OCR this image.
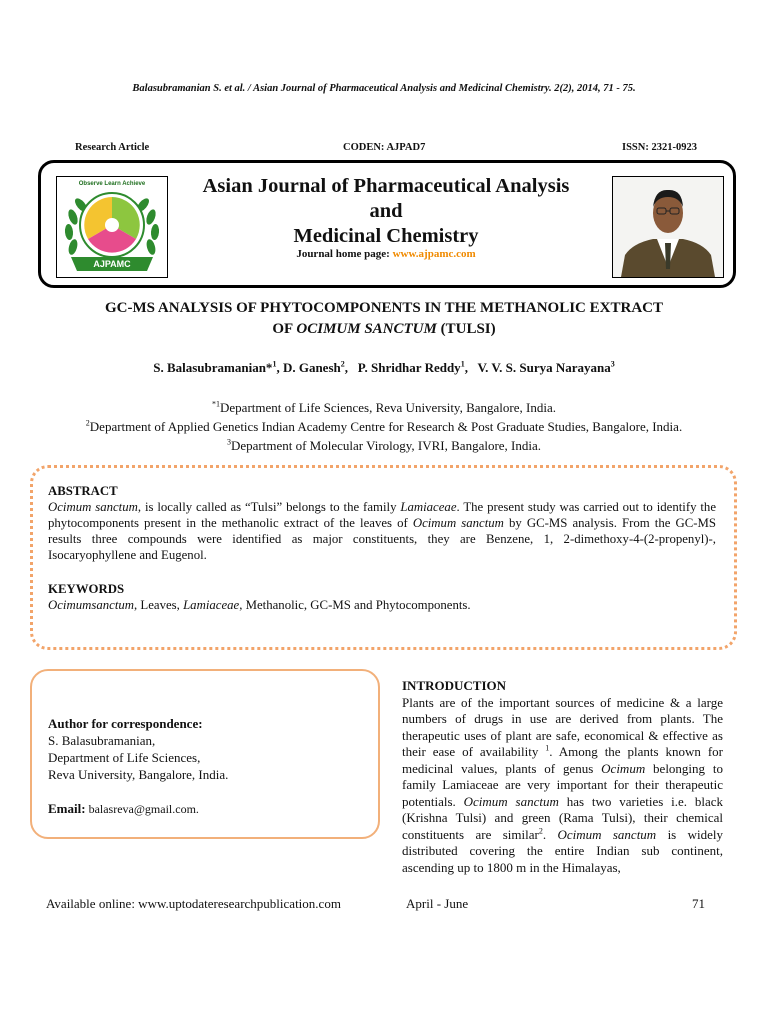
Balasubramanian S. et al. / Asian Journal of Pharmaceutical Analysis and Medicinal Chemistry. 2(2), 2014, 71 - 75.
Research Article	CODEN: AJPAD7	ISSN: 2321-0923
AJPAMC
Observe Learn Achieve	Asian Journal of Pharmaceutical Analysis
and
Medicinal Chemistry
Journal home page: www.ajpamc.com
GC-MS ANALYSIS OF PHYTOCOMPONENTS IN THE METHANOLIC EXTRACT
OF OCIMUM SANCTUM (TULSI)
S. Balasubramanian*$^1$, D. Ganesh$^2$,   P. Shridhar Reddy$^1$,   V. V. S. Surya Narayana$^3$
$^{*1}$Department of Life Sciences, Reva University, Bangalore, India.
$^2$Department of Applied Genetics Indian Academy Centre for Research & Post Graduate Studies, Bangalore, India.
$^3$Department of Molecular Virology, IVRI, Bangalore, India.
ABSTRACT
Ocimum sanctum, is locally called as “Tulsi” belongs to the family Lamiaceae. The present study was carried out to identify the phytocomponents present in the methanolic extract of the leaves of Ocimum sanctum by GC-MS analysis. From the GC-MS results three compounds were identified as major constituents, they are Benzene, 1, 2-dimethoxy-4-(2-propenyl)-, Isocaryophyllene and Eugenol.
KEYWORDS
Ocimumsanctum, Leaves, Lamiaceae, Methanolic, GC-MS and Phytocomponents.
Author for correspondence:
S. Balasubramanian,
Department of Life Sciences,
Reva University, Bangalore, India.
Email: balasreva@gmail.com.
INTRODUCTION

Plants are of the important sources of medicine & a large numbers of drugs in use are derived from plants. The therapeutic uses of plant are safe, economical & effective as their ease of availability $^1$. Among the plants known for medicinal values, plants of genus Ocimum belonging to family Lamiaceae are very important for their therapeutic potentials. Ocimum sanctum has two varieties i.e. black (Krishna Tulsi) and green (Rama Tulsi), their chemical constituents are similar$^2$. Ocimum sanctum is widely distributed covering the entire Indian sub continent, ascending up to 1800 m in the Himalayas,

Available online: www.uptodateresearchpublication.com	April - June	71
